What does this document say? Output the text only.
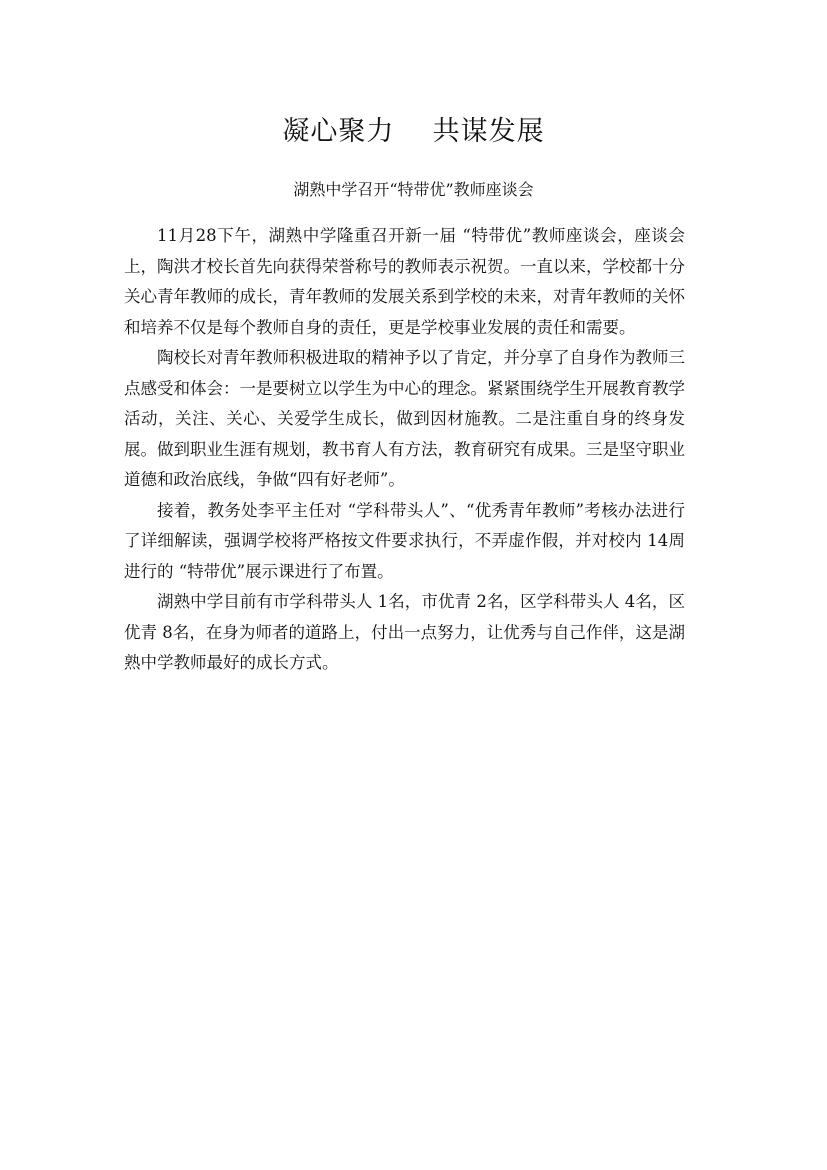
凝心聚力    共谋发展
湖熟中学召开“特带优”教师座谈会

11月28下午，湖熟中学隆重召开新一届 “特带优”教师座谈会，座谈会上，陶洪才校长首先向获得荣誉称号的教师表示祝贺。一直以来，学校都十分关心青年教师的成长，青年教师的发展关系到学校的未来，对青年教师的关怀和培养不仅是每个教师自身的责任，更是学校事业发展的责任和需要。

陶校长对青年教师积极进取的精神予以了肯定，并分享了自身作为教师三点感受和体会：一是要树立以学生为中心的理念。紧紧围绕学生开展教育教学活动，关注、关心、关爱学生成长，做到因材施教。二是注重自身的终身发展。做到职业生涯有规划，教书育人有方法，教育研究有成果。三是坚守职业道德和政治底线，争做“四有好老师”。

接着，教务处李平主任对 “学科带头人”、“优秀青年教师”考核办法进行了详细解读，强调学校将严格按文件要求执行，不弄虚作假，并对校内 14周进行的 “特带优”展示课进行了布置。

湖熟中学目前有市学科带头人 1名，市优青 2名，区学科带头人 4名，区优青 8名，在身为师者的道路上，付出一点努力，让优秀与自己作伴，这是湖熟中学教师最好的成长方式。
